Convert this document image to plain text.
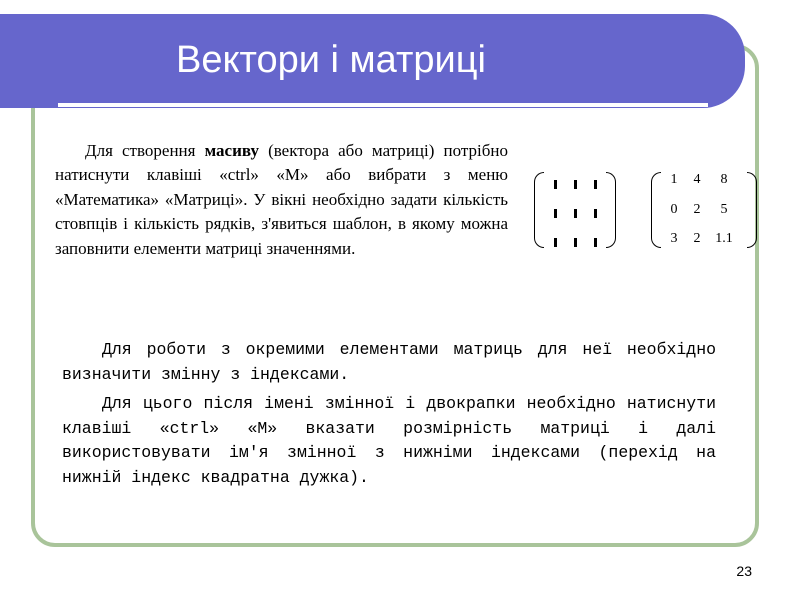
Вектори і матриці
Для створення масиву (вектора або матриці) потрібно натиснути клавіші «ctrl» «M» або вибрати з меню «Математика» «Матриці». У вікні необхідно задати кількість стовпців і кількість рядків, з'явиться шаблон, в якому можна заповнити елементи матриці значеннями.
1	4	8
0	2	5
3	2	1.1

Для роботи з окремими елементами матриць для неї необхідно визначити змінну з індексами.

Для цього після імені змінної і двокрапки необхідно натиснути клавіші «ctrl» «M» вказати розмірність матриці і далі використовувати ім'я змінної з нижніми індексами (перехід на нижній індекс квадратна дужка).

23
